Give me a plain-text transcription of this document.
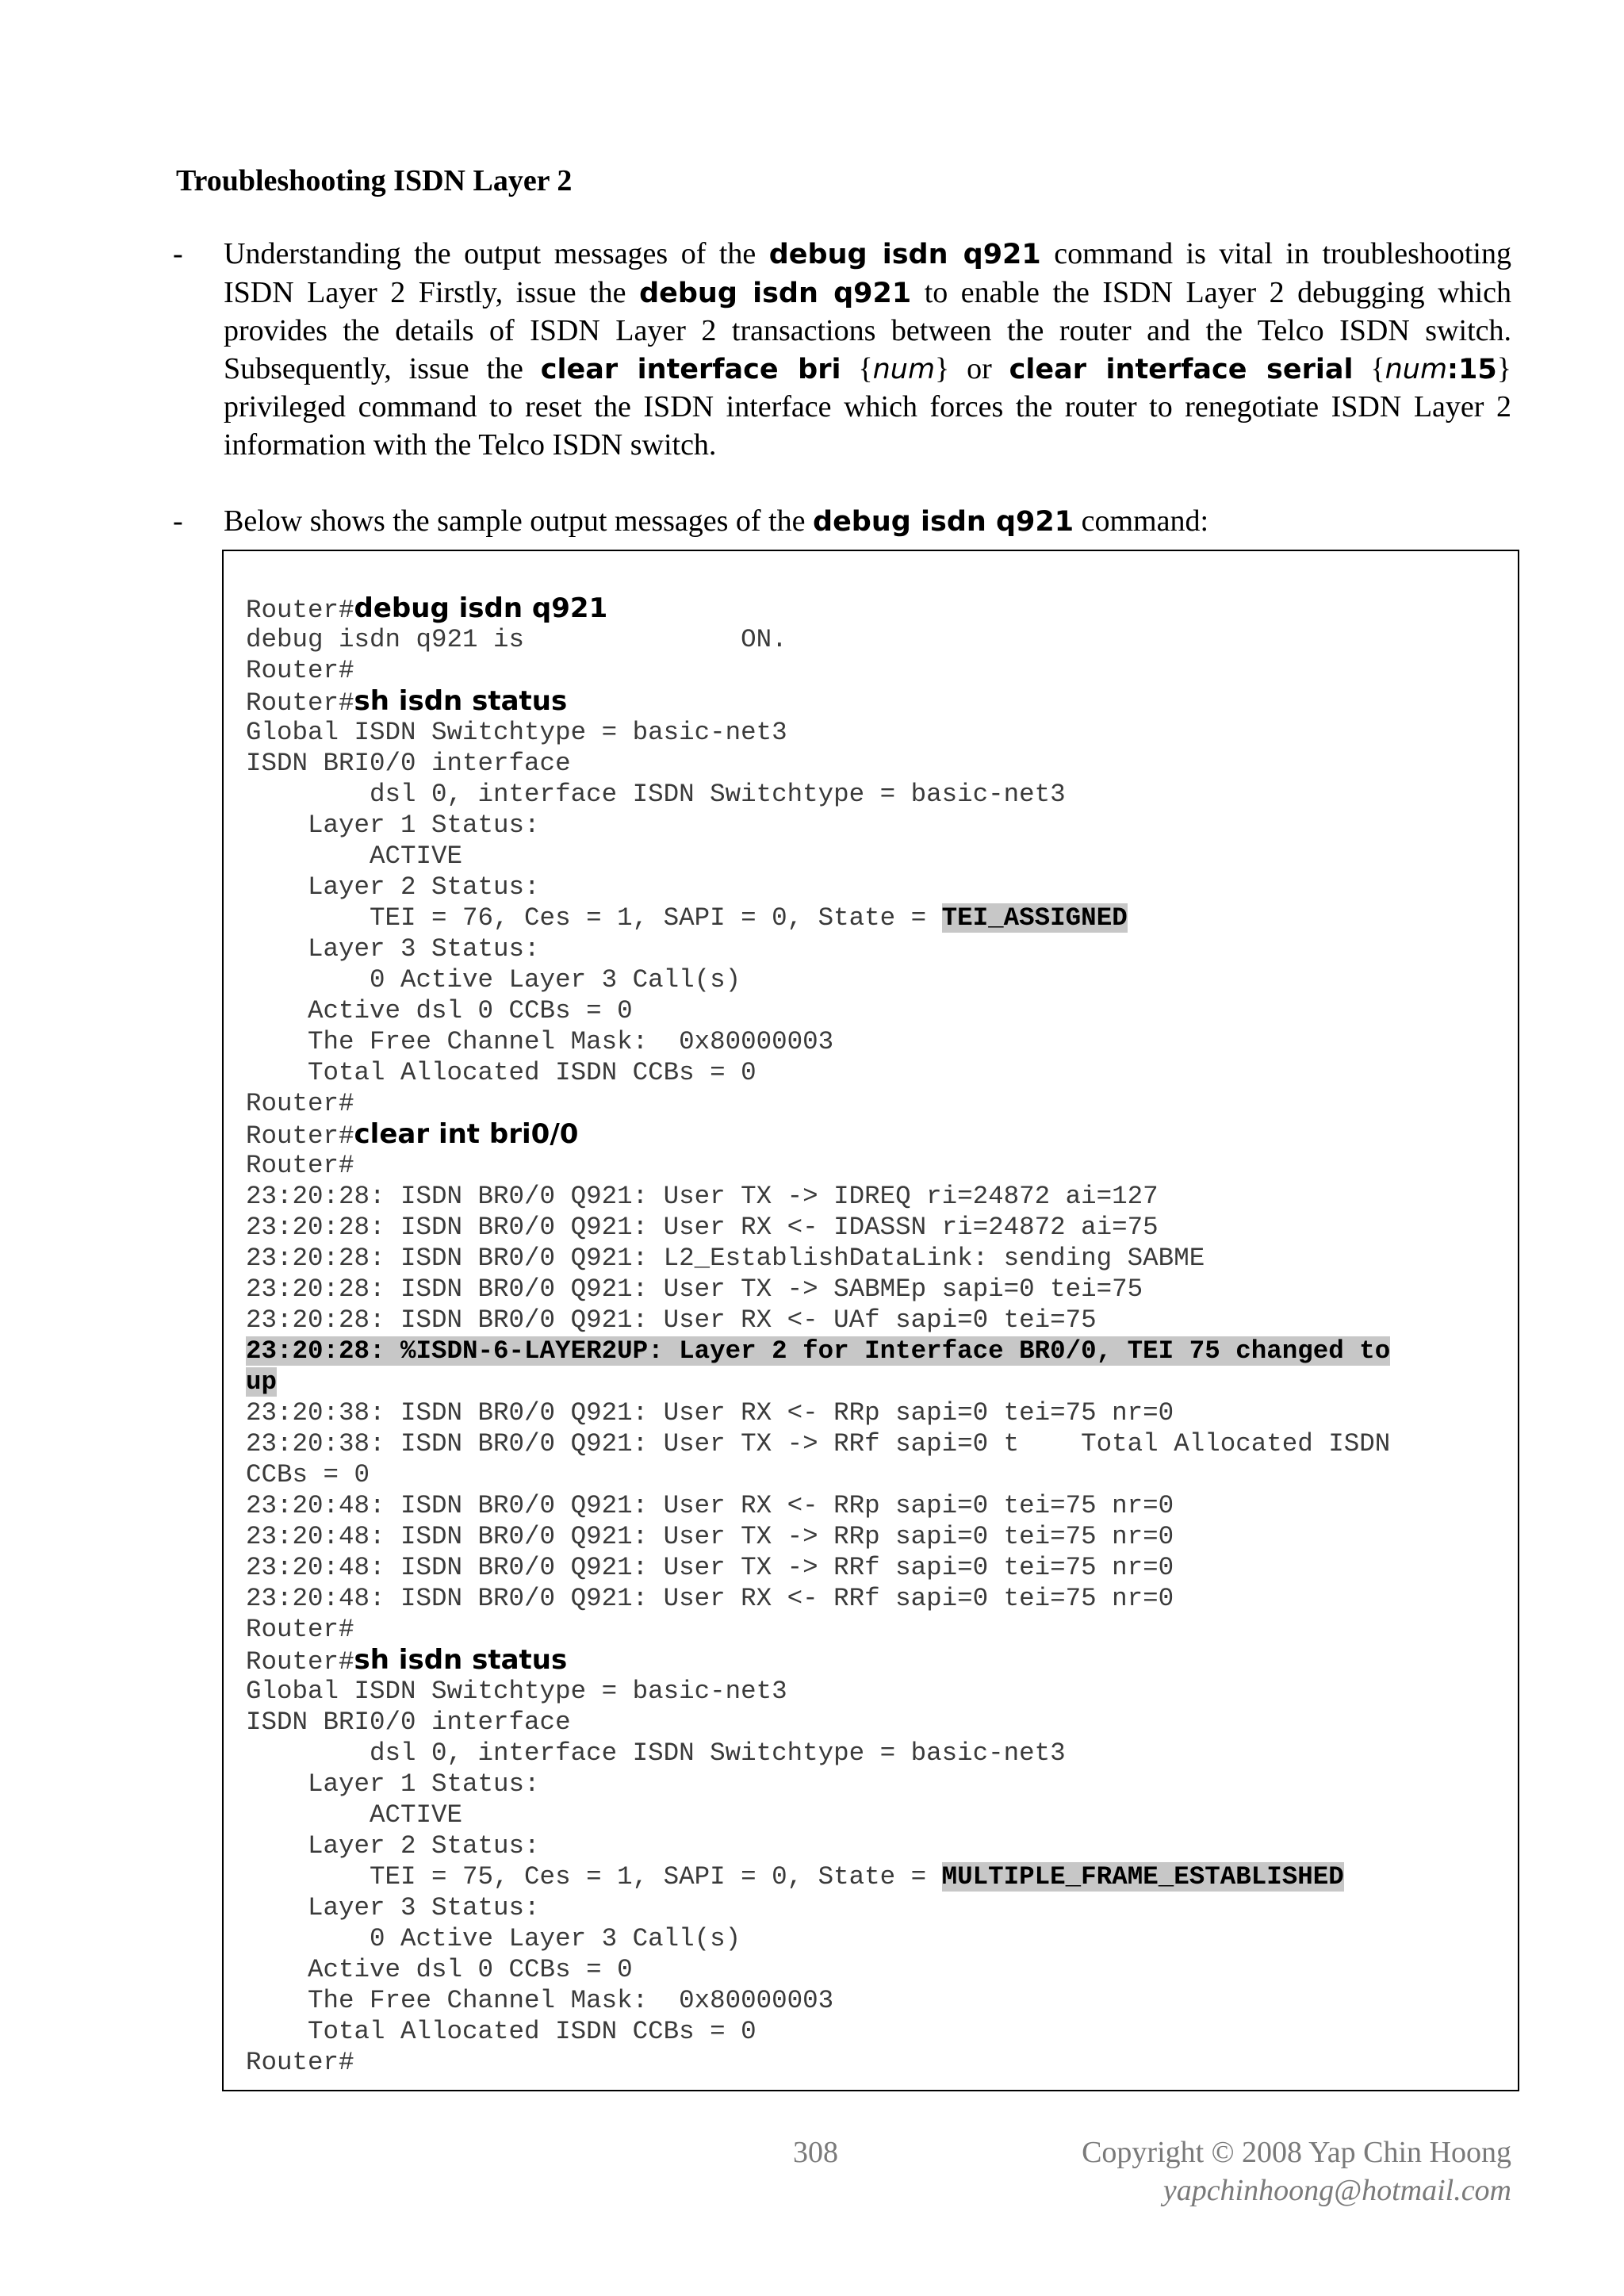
Troubleshooting ISDN Layer 2
- Understanding the output messages of the debug isdn q921 command is vital in troubleshooting ISDN Layer 2 Firstly, issue the debug isdn q921 to enable the ISDN Layer 2 debugging which provides the details of ISDN Layer 2 transactions between the router and the Telco ISDN switch. Subsequently, issue the clear interface bri {num} or clear interface serial {num:15} privileged command to reset the ISDN interface which forces the router to renegotiate ISDN Layer 2 information with the Telco ISDN switch.
- Below shows the sample output messages of the debug isdn q921 command:

Router#debug isdn q921
debug isdn q921 is              ON.
Router#
Router#sh isdn status
Global ISDN Switchtype = basic-net3
ISDN BRI0/0 interface
dsl 0, interface ISDN Switchtype = basic-net3
Layer 1 Status:
ACTIVE
Layer 2 Status:
TEI = 76, Ces = 1, SAPI = 0, State = TEI_ASSIGNED
Layer 3 Status:
0 Active Layer 3 Call(s)
Active dsl 0 CCBs = 0
The Free Channel Mask:  0x80000003
Total Allocated ISDN CCBs = 0
Router#
Router#clear int bri0/0
Router#
23:20:28: ISDN BR0/0 Q921: User TX -> IDREQ ri=24872 ai=127
23:20:28: ISDN BR0/0 Q921: User RX <- IDASSN ri=24872 ai=75
23:20:28: ISDN BR0/0 Q921: L2_EstablishDataLink: sending SABME
23:20:28: ISDN BR0/0 Q921: User TX -> SABMEp sapi=0 tei=75
23:20:28: ISDN BR0/0 Q921: User RX <- UAf sapi=0 tei=75
23:20:28: %ISDN-6-LAYER2UP: Layer 2 for Interface BR0/0, TEI 75 changed to
up
23:20:38: ISDN BR0/0 Q921: User RX <- RRp sapi=0 tei=75 nr=0
23:20:38: ISDN BR0/0 Q921: User TX -> RRf sapi=0 t    Total Allocated ISDN
CCBs = 0
23:20:48: ISDN BR0/0 Q921: User RX <- RRp sapi=0 tei=75 nr=0
23:20:48: ISDN BR0/0 Q921: User TX -> RRp sapi=0 tei=75 nr=0
23:20:48: ISDN BR0/0 Q921: User TX -> RRf sapi=0 tei=75 nr=0
23:20:48: ISDN BR0/0 Q921: User RX <- RRf sapi=0 tei=75 nr=0
Router#
Router#sh isdn status
Global ISDN Switchtype = basic-net3
ISDN BRI0/0 interface
dsl 0, interface ISDN Switchtype = basic-net3
Layer 1 Status:
ACTIVE
Layer 2 Status:
TEI = 75, Ces = 1, SAPI = 0, State = MULTIPLE_FRAME_ESTABLISHED
Layer 3 Status:
0 Active Layer 3 Call(s)
Active dsl 0 CCBs = 0
The Free Channel Mask:  0x80000003
Total Allocated ISDN CCBs = 0
Router#

308	Copyright © 2008 Yap Chin Hoong
yapchinhoong@hotmail.com
